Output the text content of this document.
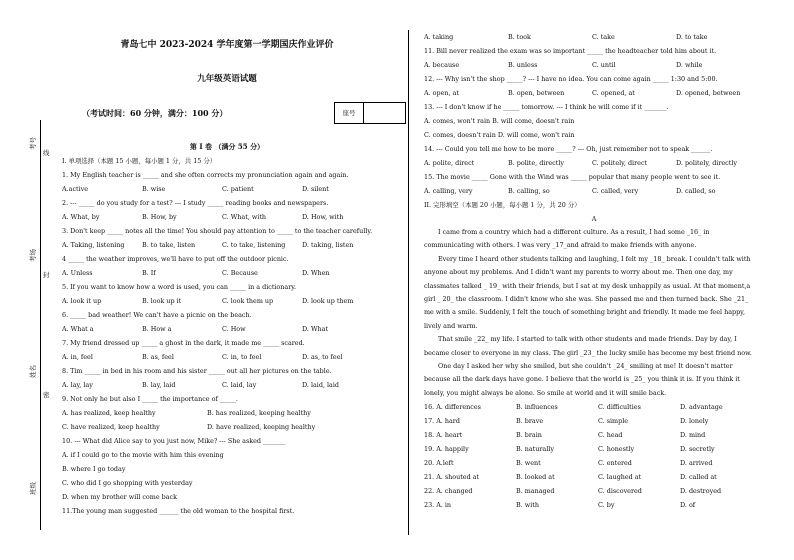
考号
考场
姓名
班级
线
封
密
青岛七中 2023-2024 学年度第一学期国庆作业评价
九年级英语试题
（考试时间：60 分钟，满分：100 分）	座号
第 I 卷 （满分 55 分）
I. 单项选择（本题 15 小题，每小题 1 分，共 15 分）
1. My English teacher is _____ and she often corrects my pronunciation again and again.
A.active	B. wise	C. patient	D. silent
2. --- _____ do you study for a test? --- I study _____ reading books and newspapers.
A. What, by	B. How, by	C. What, with	D. How, with
3. Don't keep _____ notes all the time! You should pay attention to _____ to the teacher carefully.
A. Taking, listening	B. to take, listen	C. to take, listening	D. taking, listen
4 _____ the weather improves, we'll have to put off the outdoor picnic.
A. Unless	B. If	C. Because	D. When
5. If you want to know how a word is used, you can _____ in a dictionary.
A. look it up	B. look up it	C. look them up	D. look up them
6. _____ bad weather! We can't have a picnic on the beach.
A. What a	B. How a	C. How	D. What
7. My friend dressed up _____ a ghost in the dark, it made me _____ scared.
A. in, feel	B. as, feel	C. in, to feel	D. as, to feel
8. Tim _____ in bed in his room and his sister _____ out all her pictures on the table.
A. lay, lay	B. lay, laid	C. laid, lay	D. laid, laid
9. Not only he but also I _____ the importance of _____.
A. has realized, keep healthy	B. has realized, keeping healthy
C. have realized, keep healthy	D. have realized, keeping healthy
10. --- What did Alice say to you just now, Mike? --- She asked _______
A. if I could go to the movie with him this evening
B. where I go today
C. who did I go shopping with yesterday
D. when my brother will come back
11.The young man suggested ______ the old woman to the hospital first.
A. taking	B. took	C. take	D. to take
11. Bill never realized the exam was so important _____ the headteacher told him about it.
A. because	B. unless	C. until	D. while
12. --- Why isn't the shop _____? --- I have no idea. You can come again _____ 1:30 and 5:00.
A. open, at	B. open, between	C. opened, at	D. opened, between
13. --- I don't know if he _____ tomorrow. --- I think he will come if it _______.
A. comes, won't rain B. will come, doesn't rain
C. comes, doesn't rain D. will come, won't rain
14. --- Could you tell me how to be more _____? --- Oh, just remember not to speak ______.
A. polite, direct	B. polite, directly	C. politely, direct	D. politely, directly
15. The movie _____ Gone with the Wind was _____ popular that many people went to see it.
A. calling, very	B. calling, so	C. called, very	D. called, so
II. 完形填空（本题 20 小题，每小题 1 分，共 20 分）
A
I came from a country which had a different culture. As a result, I had some _16_ in
communicating with others. I was very _17_and afraid to make friends with anyone.
Every time I heard other students talking and laughing, I felt my _18_ break. I couldn't talk with
anyone about my problems. And I didn't want my parents to worry about me. Then one day, my
classmates talked _ 19_ with their friends, but I sat at my desk unhappily as usual. At that moment,a
girl _ 20_ the classroom. I didn't know who she was. She passed me and then turned back. She _21_
me with a smile. Suddenly, I felt the touch of something bright and friendly. It made me feel happy,
lively and warm.
That smile _22_ my life. I started to talk with other students and made friends. Day by day, I
became closer to everyone in my class. The girl _23_ the lucky smile has become my best friend now.
One day I asked her why she smiled, but she couldn't _24_ smiling at me! It doesn't matter
because all the dark days have gone. I believe that the world is _25_ you think it is. If you think it
lonely, you might always be alone. So smile at world and it will smile back.
16. A. differences	B. influences	C. difficulties	D. advantage
17. A. hard	B. brave	C. simple	D. lonely
18. A. heart	B. brain	C. head	D. mind
19. A. happily	B. naturally	C. honestly	D. secretly
20. A.left	B. went	C. entered	D. arrived
21. A. shouted at	B. looked at	C. laughed at	D. called at
22. A. changed	B. managed	C. discovered	D. destroyed
23. A. in	B. with	C. by	D. of
